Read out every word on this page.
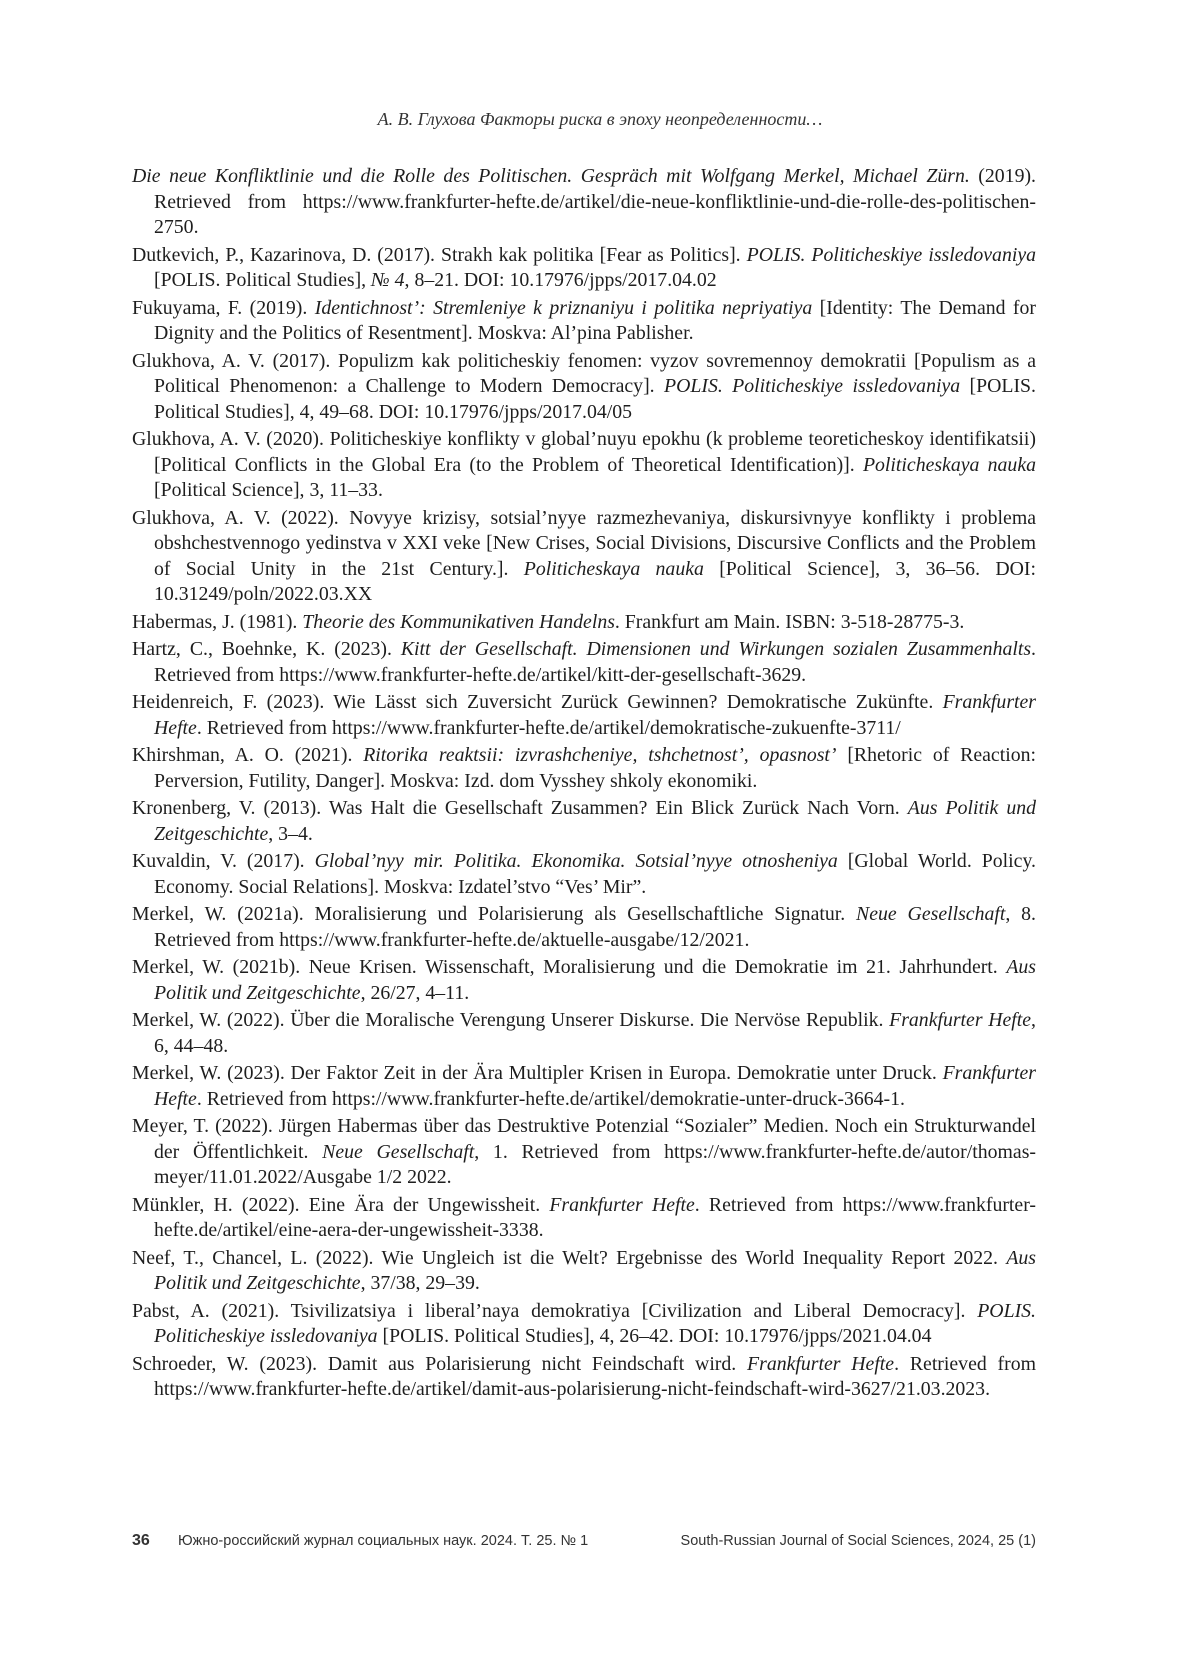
А. В. Глухова Факторы риска в эпоху неопределенности…
Die neue Konfliktlinie und die Rolle des Politischen. Gespräch mit Wolfgang Merkel, Michael Zürn. (2019). Retrieved from https://www.frankfurter-hefte.de/artikel/die-neue-konfliktlinie-und-die-rolle-des-politischen-2750.
Dutkevich, P., Kazarinova, D. (2017). Strakh kak politika [Fear as Politics]. POLIS. Politicheskiye issledovaniya [POLIS. Political Studies], № 4, 8–21. DOI: 10.17976/jpps/2017.04.02
Fukuyama, F. (2019). Identichnost’: Stremleniye k priznaniyu i politika nepriyatiya [Identity: The Demand for Dignity and the Politics of Resentment]. Moskva: Al’pina Pablisher.
Glukhova, A. V. (2017). Populizm kak politicheskiy fenomen: vyzov sovremennoy demokratii [Populism as a Political Phenomenon: a Challenge to Modern Democracy]. POLIS. Politicheskiye issledovaniya [POLIS. Political Studies], 4, 49–68. DOI: 10.17976/jpps/2017.04/05
Glukhova, A. V. (2020). Politicheskiye konflikty v global’nuyu epokhu (k probleme teoreticheskoy identifikatsii) [Political Conflicts in the Global Era (to the Problem of Theoretical Identification)]. Politicheskaya nauka [Political Science], 3, 11–33.
Glukhova, A. V. (2022). Novyye krizisy, sotsial’nyye razmezhevaniya, diskursivnyye konflikty i problema obshchestvennogo yedinstva v XXI veke [New Crises, Social Divisions, Discursive Conflicts and the Problem of Social Unity in the 21st Century.]. Politicheskaya nauka [Political Science], 3, 36–56. DOI: 10.31249/poln/2022.03.XX
Habermas, J. (1981). Theorie des Kommunikativen Handelns. Frankfurt am Main. ISBN: 3-518-28775-3.
Hartz, C., Boehnke, K. (2023). Kitt der Gesellschaft. Dimensionen und Wirkungen sozialen Zusammenhalts. Retrieved from https://www.frankfurter-hefte.de/artikel/kitt-der-gesellschaft-3629.
Heidenreich, F. (2023). Wie Lässt sich Zuversicht Zurück Gewinnen? Demokratische Zukünfte. Frankfurter Hefte. Retrieved from https://www.frankfurter-hefte.de/artikel/demokratische-zukuenfte-3711/
Khirshman, A. O. (2021). Ritorika reaktsii: izvrashcheniye, tshchetnost’, opasnost’ [Rhetoric of Reaction: Perversion, Futility, Danger]. Moskva: Izd. dom Vysshey shkoly ekonomiki.
Kronenberg, V. (2013). Was Halt die Gesellschaft Zusammen? Ein Blick Zurück Nach Vorn. Aus Politik und Zeitgeschichte, 3–4.
Kuvaldin, V. (2017). Global’nyy mir. Politika. Ekonomika. Sotsial’nyye otnosheniya [Global World. Policy. Economy. Social Relations]. Moskva: Izdatel’stvo “Ves’ Mir”.
Merkel, W. (2021a). Moralisierung und Polarisierung als Gesellschaftliche Signatur. Neue Gesellschaft, 8. Retrieved from https://www.frankfurter-hefte.de/aktuelle-ausgabe/12/2021.
Merkel, W. (2021b). Neue Krisen. Wissenschaft, Moralisierung und die Demokratie im 21. Jahrhundert. Aus Politik und Zeitgeschichte, 26/27, 4–11.
Merkel, W. (2022). Über die Moralische Verengung Unserer Diskurse. Die Nervöse Republik. Frankfurter Hefte, 6, 44–48.
Merkel, W. (2023). Der Faktor Zeit in der Ära Multipler Krisen in Europa. Demokratie unter Druck. Frankfurter Hefte. Retrieved from https://www.frankfurter-hefte.de/artikel/demokratie-unter-druck-3664-1.
Meyer, T. (2022). Jürgen Habermas über das Destruktive Potenzial “Sozialer” Medien. Noch ein Strukturwandel der Öffentlichkeit. Neue Gesellschaft, 1. Retrieved from https://www.frankfurter-hefte.de/autor/thomas-meyer/11.01.2022/Ausgabe 1/2 2022.
Münkler, H. (2022). Eine Ära der Ungewissheit. Frankfurter Hefte. Retrieved from https://www.frankfurter-hefte.de/artikel/eine-aera-der-ungewissheit-3338.
Neef, T., Chancel, L. (2022). Wie Ungleich ist die Welt? Ergebnisse des World Inequality Report 2022. Aus Politik und Zeitgeschichte, 37/38, 29–39.
Pabst, A. (2021). Tsivilizatsiya i liberal’naya demokratiya [Civilization and Liberal Democracy]. POLIS. Politicheskiye issledovaniya [POLIS. Political Studies], 4, 26–42. DOI: 10.17976/jpps/2021.04.04
Schroeder, W. (2023). Damit aus Polarisierung nicht Feindschaft wird. Frankfurter Hefte. Retrieved from https://www.frankfurter-hefte.de/artikel/damit-aus-polarisierung-nicht-feindschaft-wird-3627/21.03.2023.
36 Южно-российский журнал социальных наук. 2024. Т. 25. № 1	South-Russian Journal of Social Sciences, 2024, 25 (1)
